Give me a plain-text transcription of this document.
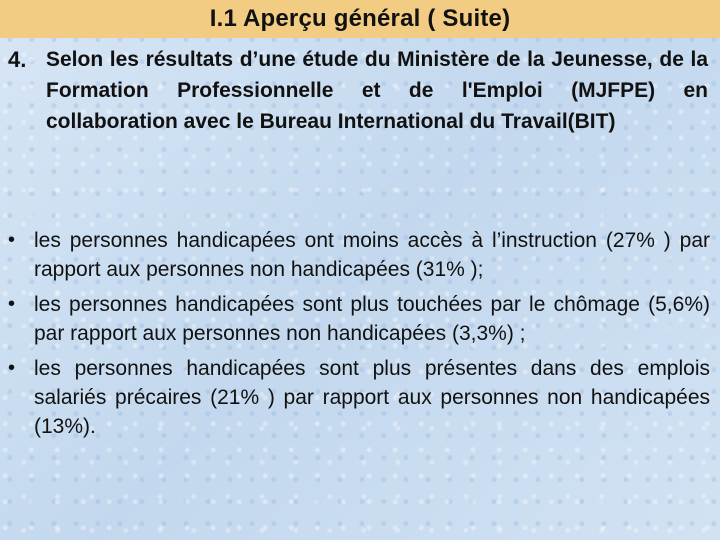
I.1 Aperçu général ( Suite)
4. Selon les résultats d’une étude du Ministère de la Jeunesse, de la Formation Professionnelle et de l'Emploi (MJFPE) en collaboration avec le Bureau International du Travail(BIT)
• les personnes handicapées ont moins accès à l’instruction (27% ) par rapport aux personnes non handicapées (31% );
• les personnes handicapées sont plus touchées par le chômage (5,6%) par rapport aux personnes non handicapées (3,3%) ;
• les personnes handicapées sont plus présentes dans des emplois salariés précaires (21% ) par rapport aux personnes non handicapées (13%).
